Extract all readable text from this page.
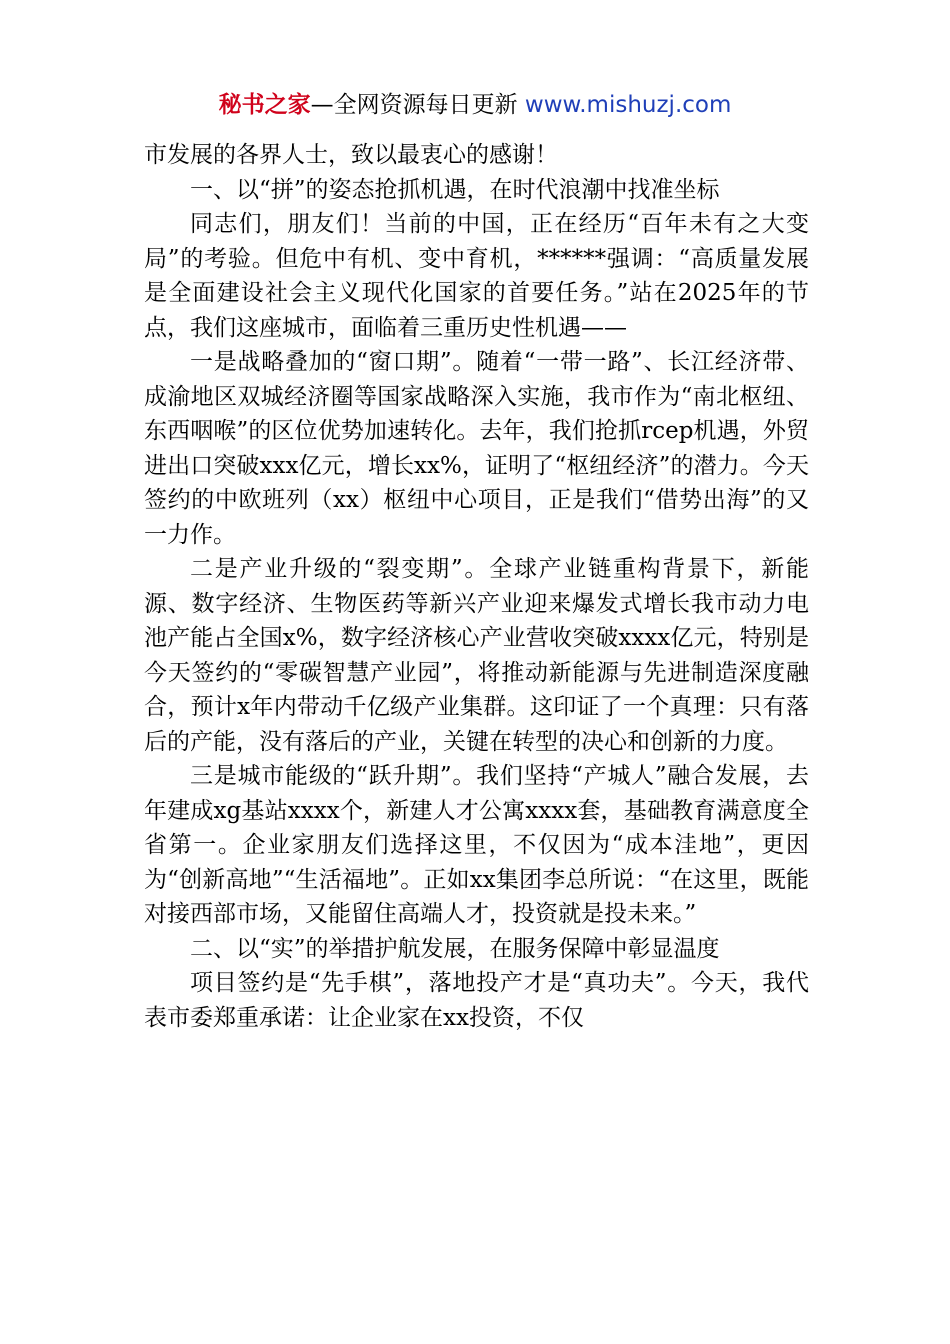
秘书之家—全网资源每日更新 www.mishuzj.com

市发展的各界人士，致以最衷心的感谢！

一、以“拼”的姿态抢抓机遇，在时代浪潮中找准坐标

同志们，朋友们！当前的中国，正在经历“百年未有之大变局”的考验。但危中有机、变中育机，******强调：“高质量发展是全面建设社会主义现代化国家的首要任务。”站在2025年的节点，我们这座城市，面临着三重历史性机遇——

一是战略叠加的“窗口期”。随着“一带一路”、长江经济带、成渝地区双城经济圈等国家战略深入实施，我市作为“南北枢纽、东西咽喉”的区位优势加速转化。去年，我们抢抓rcep机遇，外贸进出口突破xxx亿元，增长xx%，证明了“枢纽经济”的潜力。今天签约的中欧班列（xx）枢纽中心项目，正是我们“借势出海”的又一力作。

二是产业升级的“裂变期”。全球产业链重构背景下，新能源、数字经济、生物医药等新兴产业迎来爆发式增长我市动力电池产能占全国x%，数字经济核心产业营收突破xxxx亿元，特别是今天签约的“零碳智慧产业园”，将推动新能源与先进制造深度融合，预计x年内带动千亿级产业集群。这印证了一个真理：只有落后的产能，没有落后的产业，关键在转型的决心和创新的力度。

三是城市能级的“跃升期”。我们坚持“产城人”融合发展，去年建成xg基站xxxx个，新建人才公寓xxxx套，基础教育满意度全省第一。企业家朋友们选择这里，不仅因为“成本洼地”，更因为“创新高地”“生活福地”。正如xx集团李总所说：“在这里，既能对接西部市场，又能留住高端人才，投资就是投未来。”

二、以“实”的举措护航发展，在服务保障中彰显温度

项目签约是“先手棋”，落地投产才是“真功夫”。今天，我代表市委郑重承诺：让企业家在xx投资，不仅
